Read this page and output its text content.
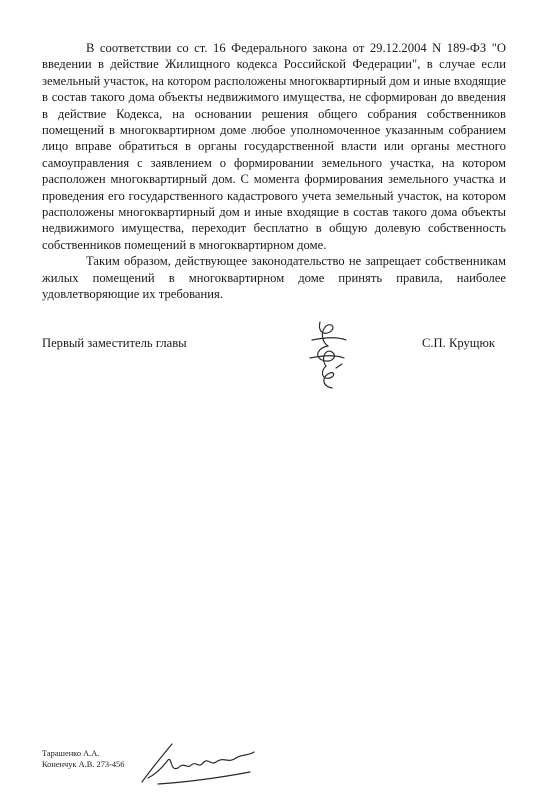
В соответствии со ст. 16 Федерального закона от 29.12.2004 N 189-ФЗ "О введении в действие Жилищного кодекса Российской Федерации", в случае если земельный участок, на котором расположены многоквартирный дом и иные входящие в состав такого дома объекты недвижимого имущества, не сформирован до введения в действие Кодекса, на основании решения общего собрания собственников помещений в многоквартирном доме любое уполномоченное указанным собранием лицо вправе обратиться в органы государственной власти или органы местного самоуправления с заявлением о формировании земельного участка, на котором расположен многоквартирный дом. С момента формирования земельного участка и проведения его государственного кадастрового учета земельный участок, на котором расположены многоквартирный дом и иные входящие в состав такого дома объекты недвижимого имущества, переходит бесплатно в общую долевую собственность собственников помещений в многоквартирном доме.

Таким образом, действующее законодательство не запрещает собственникам жилых помещений в многоквартирном доме принять правила, наиболее удовлетворяющие их требования.

Первый заместитель главы	С.П. Крущюк
Тарашенко А.А.
Коненчук А.В. 273-456
